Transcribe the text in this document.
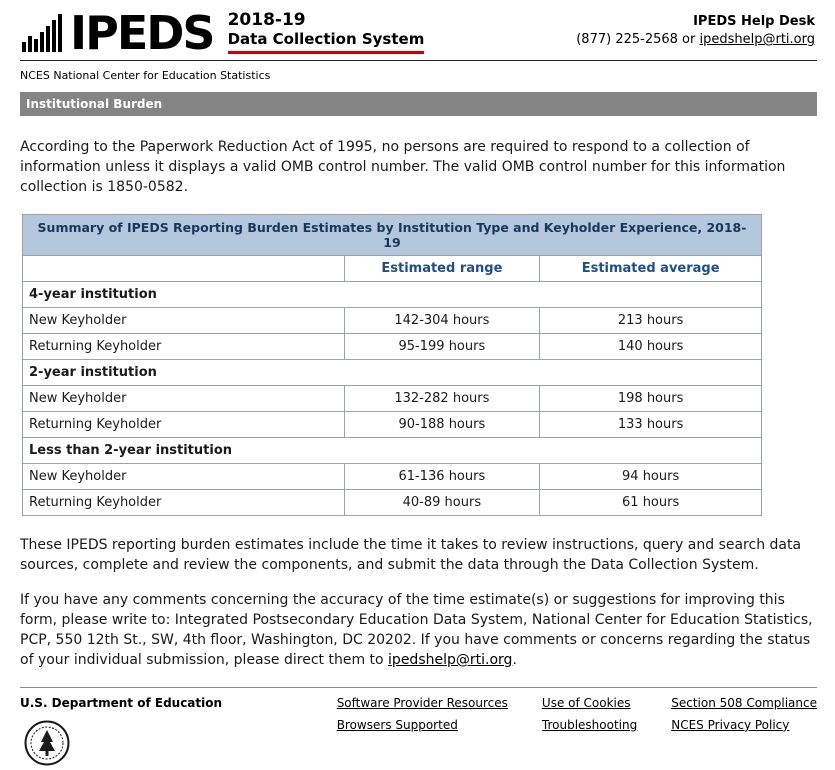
IPEDS 2018-19
Data Collection System
IPEDS Help Desk
(877) 225-2568 or ipedshelp@rti.org
NCES National Center for Education Statistics
Institutional Burden

According to the Paperwork Reduction Act of 1995, no persons are required to respond to a collection of information unless it displays a valid OMB control number. The valid OMB control number for this information collection is 1850-0582.

Summary of IPEDS Reporting Burden Estimates by Institution Type and Keyholder Experience, 2018-19		
	Estimated range	Estimated average
4-year institution		
New Keyholder	142-304 hours	213 hours
Returning Keyholder	95-199 hours	140 hours
2-year institution		
New Keyholder	132-282 hours	198 hours
Returning Keyholder	90-188 hours	133 hours
Less than 2-year institution		
New Keyholder	61-136 hours	94 hours
Returning Keyholder	40-89 hours	61 hours

These IPEDS reporting burden estimates include the time it takes to review instructions, query and search data sources, complete and review the components, and submit the data through the Data Collection System.

If you have any comments concerning the accuracy of the time estimate(s) or suggestions for improving this form, please write to: Integrated Postsecondary Education Data System, National Center for Education Statistics, PCP, 550 12th St., SW, 4th floor, Washington, DC 20202. If you have comments or concerns regarding the status of your individual submission, please direct them to ipedshelp@rti.org.

U.S. Department of Education	Software Provider Resources
Browsers Supported
Use of Cookies
Troubleshooting
Section 508 Compliance
NCES Privacy Policy
